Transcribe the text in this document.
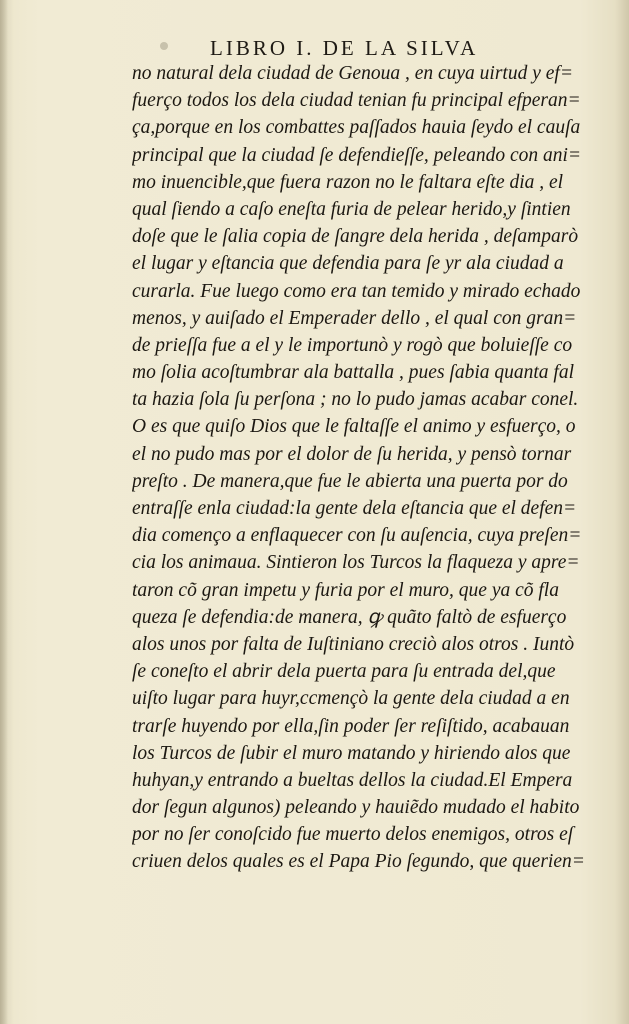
LIBRO I. DE LA SILVA
no natural dela ciudad de Genoua , en cuya uirtud y ef=
fuerço todos los dela ciudad tenian fu principal efperan=
ça,porque en los combattes paſſados hauia ſeydo el cauſa
principal que la ciudad ſe defendieſſe, peleando con ani=
mo inuencible,que fuera razon no le faltara eſte dia , el
qual ſiendo a caſo eneſta furia de pelear herido,y ſintien
doſe que le ſalia copia de ſangre dela herida , deſamparò
el lugar y eſtancia que defendia para ſe yr ala ciudad a
curarla. Fue luego como era tan temido y mirado echado
menos, y auiſado el Emperader dello , el qual con gran=
de prieſſa fue a el y le importunò y rogò que boluieſſe co
mo ſolia acoſtumbrar ala battalla , pues ſabia quanta fal
ta hazia ſola ſu perſona ; no lo pudo jamas acabar conel.
O es que quiſo Dios que le faltaſſe el animo y esfuerço, o
el no pudo mas por el dolor de ſu herida, y pensò tornar
preſto . De manera,que fue le abierta una puerta por do
entraſſe enla ciudad:la gente dela eſtancia que el defen=
dia començo a enflaquecer con ſu auſencia, cuya preſen=
cia los animaua. Sintieron los Turcos la flaqueza y apre=
taron cõ gran impetu y furia por el muro, que ya cõ fla
queza ſe defendia:de manera, ꝙ quãto faltò de esfuerço
alos unos por falta de Iuſtiniano creciò alos otros . Iuntò
ſe coneſto el abrir dela puerta para ſu entrada del,que
uiſto lugar para huyr,ccmençò la gente dela ciudad a en
trarſe huyendo por ella,ſin poder ſer reſiſtido, acabauan
los Turcos de ſubir el muro matando y hiriendo alos que
huhyan,y entrando a bueltas dellos la ciudad.El Empera
dor ſegun algunos) peleando y hauiẽdo mudado el habito
por no ſer conoſcido fue muerto delos enemigos, otros eſ
criuen delos quales es el Papa Pio ſegundo, que querien=
